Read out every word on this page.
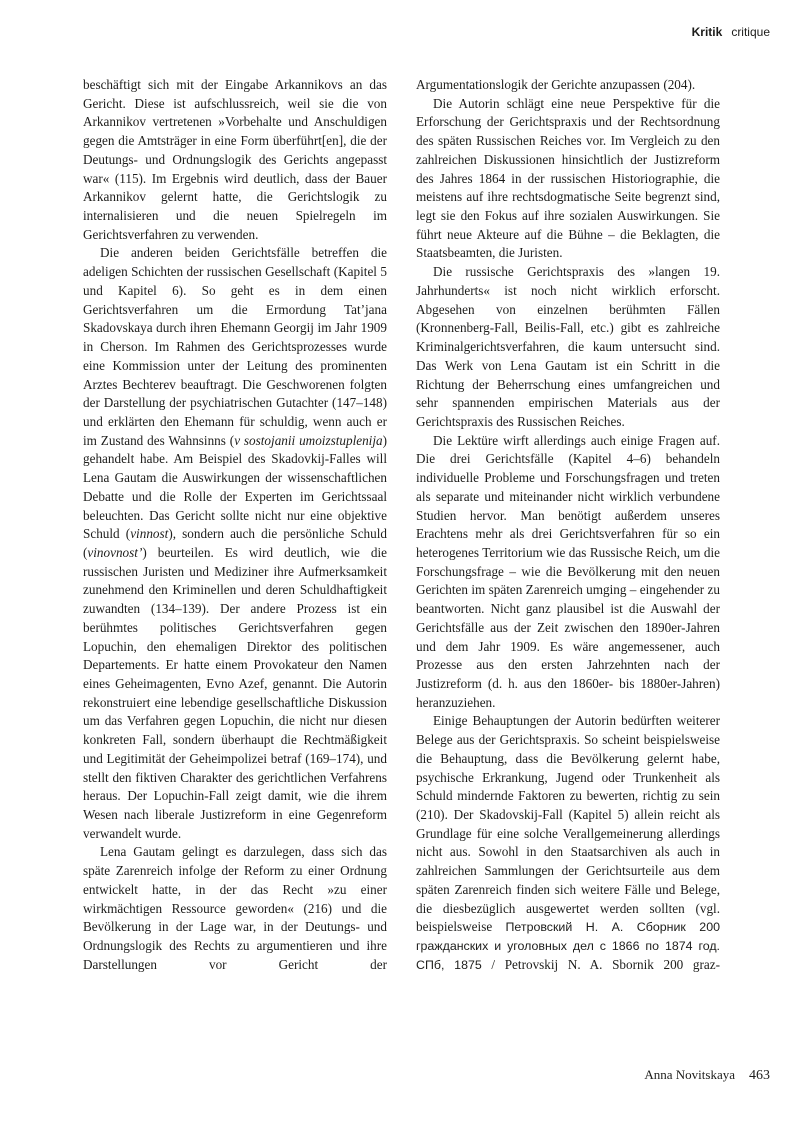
Kritik critique

beschäftigt sich mit der Eingabe Arkannikovs an das Gericht. Diese ist aufschlussreich, weil sie die von Arkannikov vertretenen »Vorbehalte und Anschuldigen gegen die Amtsträger in eine Form überführt[en], die der Deutungs- und Ordnungslogik des Gerichts angepasst war« (115). Im Ergebnis wird deutlich, dass der Bauer Arkannikov gelernt hatte, die Gerichtslogik zu internalisieren und die neuen Spielregeln im Gerichtsverfahren zu verwenden.

Die anderen beiden Gerichtsfälle betreffen die adeligen Schichten der russischen Gesellschaft (Kapitel 5 und Kapitel 6). So geht es in dem einen Gerichtsverfahren um die Ermordung Tat’jana Skadovskaya durch ihren Ehemann Georgij im Jahr 1909 in Cherson. Im Rahmen des Gerichtsprozesses wurde eine Kommission unter der Leitung des prominenten Arztes Bechterev beauftragt. Die Geschworenen folgten der Darstellung der psychiatrischen Gutachter (147–148) und erklärten den Ehemann für schuldig, wenn auch er im Zustand des Wahnsinns (v sostojanii umoizstuplenija) gehandelt habe. Am Beispiel des Skadovkij-Falles will Lena Gautam die Auswirkungen der wissenschaftlichen Debatte und die Rolle der Experten im Gerichtssaal beleuchten. Das Gericht sollte nicht nur eine objektive Schuld (vinnost), sondern auch die persönliche Schuld (vinovnost’) beurteilen. Es wird deutlich, wie die russischen Juristen und Mediziner ihre Aufmerksamkeit zunehmend den Kriminellen und deren Schuldhaftigkeit zuwandten (134–139). Der andere Prozess ist ein berühmtes politisches Gerichtsverfahren gegen Lopuchin, den ehemaligen Direktor des politischen Departements. Er hatte einem Provokateur den Namen eines Geheimagenten, Evno Azef, genannt. Die Autorin rekonstruiert eine lebendige gesellschaftliche Diskussion um das Verfahren gegen Lopuchin, die nicht nur diesen konkreten Fall, sondern überhaupt die Rechtmäßigkeit und Legitimität der Geheimpolizei betraf (169–174), und stellt den fiktiven Charakter des gerichtlichen Verfahrens heraus. Der Lopuchin-Fall zeigt damit, wie die ihrem Wesen nach liberale Justizreform in eine Gegenreform verwandelt wurde.

Lena Gautam gelingt es darzulegen, dass sich das späte Zarenreich infolge der Reform zu einer Ordnung entwickelt hatte, in der das Recht »zu einer wirkmächtigen Ressource geworden« (216) und die Bevölkerung in der Lage war, in der Deutungs- und Ordnungslogik des Rechts zu argumentieren und ihre Darstellungen vor Gericht der

Argumentationslogik der Gerichte anzupassen (204).

Die Autorin schlägt eine neue Perspektive für die Erforschung der Gerichtspraxis und der Rechtsordnung des späten Russischen Reiches vor. Im Vergleich zu den zahlreichen Diskussionen hinsichtlich der Justizreform des Jahres 1864 in der russischen Historiographie, die meistens auf ihre rechtsdogmatische Seite begrenzt sind, legt sie den Fokus auf ihre sozialen Auswirkungen. Sie führt neue Akteure auf die Bühne – die Beklagten, die Staatsbeamten, die Juristen.

Die russische Gerichtspraxis des »langen 19. Jahrhunderts« ist noch nicht wirklich erforscht. Abgesehen von einzelnen berühmten Fällen (Kronnenberg-Fall, Beilis-Fall, etc.) gibt es zahlreiche Kriminalgerichtsverfahren, die kaum untersucht sind. Das Werk von Lena Gautam ist ein Schritt in die Richtung der Beherrschung eines umfangreichen und sehr spannenden empirischen Materials aus der Gerichtspraxis des Russischen Reiches.

Die Lektüre wirft allerdings auch einige Fragen auf. Die drei Gerichtsfälle (Kapitel 4–6) behandeln individuelle Probleme und Forschungsfragen und treten als separate und miteinander nicht wirklich verbundene Studien hervor. Man benötigt außerdem unseres Erachtens mehr als drei Gerichtsverfahren für so ein heterogenes Territorium wie das Russische Reich, um die Forschungsfrage – wie die Bevölkerung mit den neuen Gerichten im späten Zarenreich umging – eingehender zu beantworten. Nicht ganz plausibel ist die Auswahl der Gerichtsfälle aus der Zeit zwischen den 1890er-Jahren und dem Jahr 1909. Es wäre angemessener, auch Prozesse aus den ersten Jahrzehnten nach der Justizreform (d. h. aus den 1860er- bis 1880er-Jahren) heranzuziehen.

Einige Behauptungen der Autorin bedürften weiterer Belege aus der Gerichtspraxis. So scheint beispielsweise die Behauptung, dass die Bevölkerung gelernt habe, psychische Erkrankung, Jugend oder Trunkenheit als Schuld mindernde Faktoren zu bewerten, richtig zu sein (210). Der Skadovskij-Fall (Kapitel 5) allein reicht als Grundlage für eine solche Verallgemeinerung allerdings nicht aus. Sowohl in den Staatsarchiven als auch in zahlreichen Sammlungen der Gerichtsurteile aus dem späten Zarenreich finden sich weitere Fälle und Belege, die diesbezüglich ausgewertet werden sollten (vgl. beispielsweise Петровский Н. А. Сборник 200 гражданских и уголовных дел с 1866 по 1874 год. СПб, 1875 / Petrovskij N. A. Sbornik 200 graz-

Anna Novitskaya 463
